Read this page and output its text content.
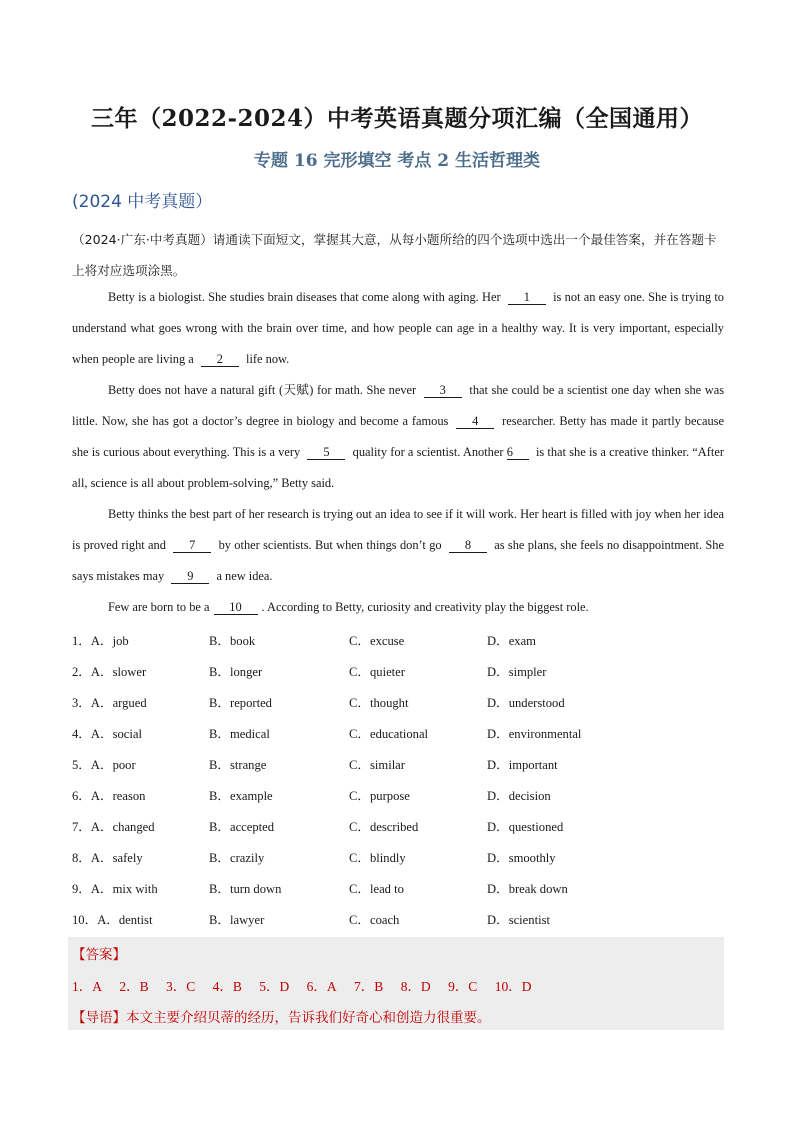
三年（2022-2024）中考英语真题分项汇编（全国通用）
专题 16 完形填空 考点 2 生活哲理类
(2024 中考真题）
（2024·广东·中考真题）请通读下面短文，掌握其大意，从每小题所给的四个选项中选出一个最佳答案，并在答题卡上将对应选项涂黑。

Betty is a biologist. She studies brain diseases that come along with aging. Her 1 is not an easy one. She is trying to understand what goes wrong with the brain over time, and how people can age in a healthy way. It is very important, especially when people are living a 2 life now.

Betty does not have a natural gift (天赋) for math. She never 3 that she could be a scientist one day when she was little. Now, she has got a doctor’s degree in biology and become a famous 4 researcher. Betty has made it partly because she is curious about everything. This is a very 5 quality for a scientist. Another 6 is that she is a creative thinker. “After all, science is all about problem-solving,” Betty said.

Betty thinks the best part of her research is trying out an idea to see if it will work. Her heart is filled with joy when her idea is proved right and 7 by other scientists. But when things don’t go 8 as she plans, she feels no disappointment. She says mistakes may 9 a new idea.

Few are born to be a 10 . According to Betty, curiosity and creativity play the biggest role.

1．A．job	B．book	C．excuse	D．exam
2．A．slower	B．longer	C．quieter	D．simpler
3．A．argued	B．reported	C．thought	D．understood
4．A．social	B．medical	C．educational	D．environmental
5．A．poor	B．strange	C．similar	D．important
6．A．reason	B．example	C．purpose	D．decision
7．A．changed	B．accepted	C．described	D．questioned
8．A．safely	B．crazily	C．blindly	D．smoothly
9．A．mix with	B．turn down	C．lead to	D．break down
10．A．dentist	B．lawyer	C．coach	D．scientist
【答案】
1．A 2．B 3．C 4．B 5．D 6．A 7．B 8．D 9．C 10．D
【导语】本文主要介绍贝蒂的经历，告诉我们好奇心和创造力很重要。
